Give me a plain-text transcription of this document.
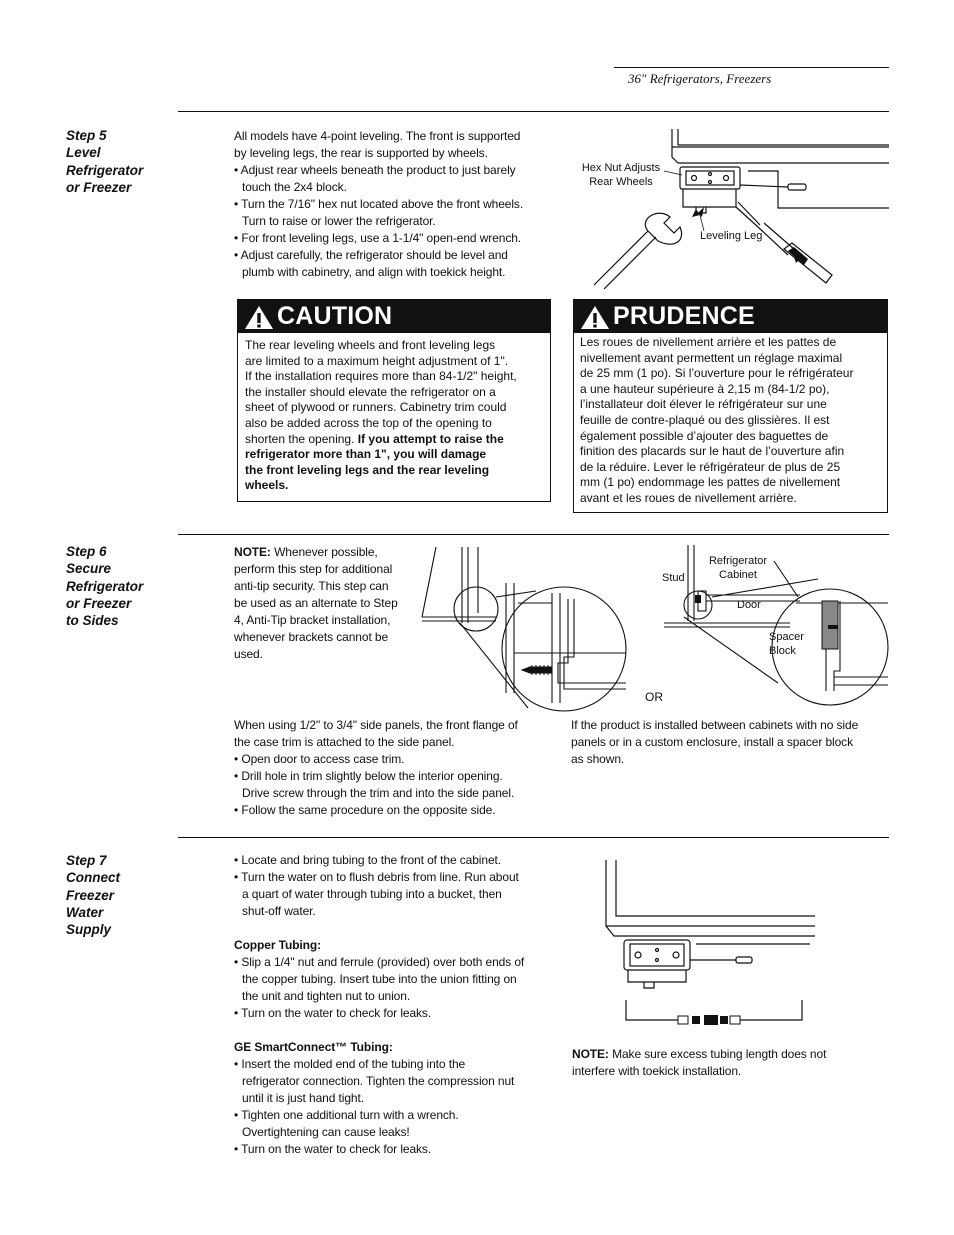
36" Refrigerators, Freezers
Step 5
Level
Refrigerator
or Freezer

All models have 4-point leveling. The front is supported

by leveling legs, the rear is supported by wheels.

• Adjust rear wheels beneath the product to just barely

touch the 2x4 block.

• Turn the 7/16" hex nut located above the front wheels.

Turn to raise or lower the refrigerator.

• For front leveling legs, use a 1-1/4" open-end wrench.

• Adjust carefully, the refrigerator should be level and

plumb with cabinetry, and align with toekick height.

Hex Nut Adjusts
Rear Wheels
Leveling Leg
CAUTION

The rear leveling wheels and front leveling legs

are limited to a maximum height adjustment of 1".

If the installation requires more than 84-1/2" height,

the installer should elevate the refrigerator on a

sheet of plywood or runners. Cabinetry trim could

also be added across the top of the opening to

shorten the opening. If you attempt to raise the

refrigerator more than 1", you will damage

the front leveling legs and the rear leveling

wheels.

PRUDENCE

Les roues de nivellement arrière et les pattes de

nivellement avant permettent un réglage maximal

de 25 mm (1 po). Si l’ouverture pour le réfrigérateur

a une hauteur supérieure à 2,15 m (84-1/2 po),

l’installateur doit élever le réfrigérateur sur une

feuille de contre-plaqué ou des glissières. Il est

également possible d’ajouter des baguettes de

finition des placards sur le haut de l’ouverture afin

de la réduire. Lever le réfrigérateur de plus de 25

mm (1 po) endommage les pattes de nivellement

avant et les roues de nivellement arrière.

Step 6
Secure
Refrigerator
or Freezer
to Sides

NOTE: Whenever possible,

perform this step for additional

anti-tip security. This step can

be used as an alternate to Step

4, Anti-Tip bracket installation,

whenever brackets cannot be

used.

Stud
Refrigerator
Cabinet
Door
Spacer
Block
OR

When using 1/2" to 3/4" side panels, the front flange of

the case trim is attached to the side panel.

• Open door to access case trim.

• Drill hole in trim slightly below the interior opening.

Drive screw through the trim and into the side panel.

• Follow the same procedure on the opposite side.

If the product is installed between cabinets with no side

panels or in a custom enclosure, install a spacer block

as shown.

Step 7
Connect
Freezer
Water
Supply

• Locate and bring tubing to the front of the cabinet.

• Turn the water on to flush debris from line. Run about

a quart of water through tubing into a bucket, then

shut-off water.

Copper Tubing:

• Slip a 1/4" nut and ferrule (provided) over both ends of

the copper tubing. Insert tube into the union fitting on

the unit and tighten nut to union.

• Turn on the water to check for leaks.

GE SmartConnect™ Tubing:

• Insert the molded end of the tubing into the

refrigerator connection. Tighten the compression nut

until it is just hand tight.

• Tighten one additional turn with a wrench.

Overtightening can cause leaks!

• Turn on the water to check for leaks.

NOTE: Make sure excess tubing length does not

interfere with toekick installation.
